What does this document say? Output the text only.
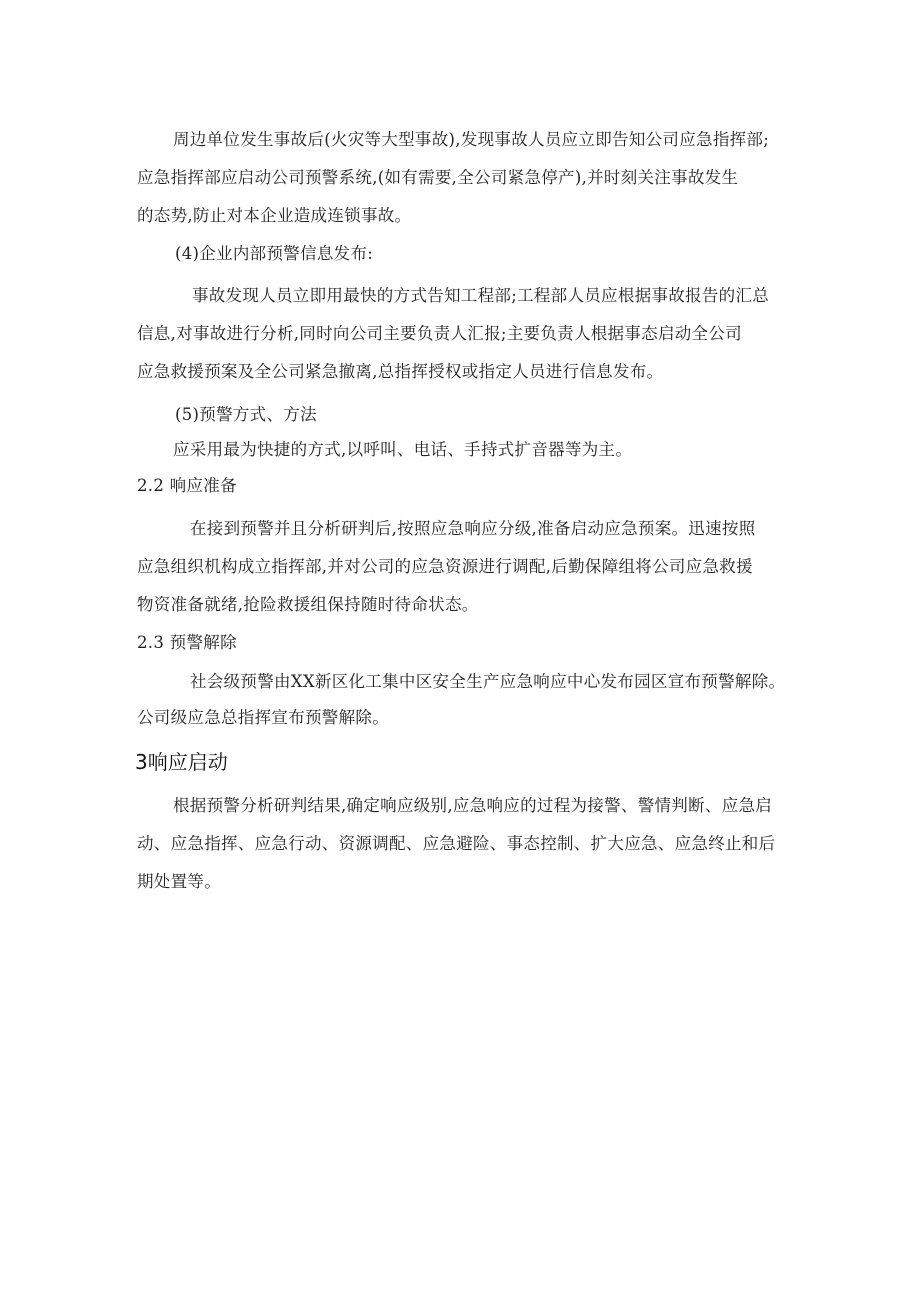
周边单位发生事故后(火灾等大型事故),发现事故人员应立即告知公司应急指挥部;
应急指挥部应启动公司预警系统,(如有需要,全公司紧急停产),并时刻关注事故发生
的态势,防止对本企业造成连锁事故。
(4)企业内部预警信息发布:
事故发现人员立即用最快的方式告知工程部;工程部人员应根据事故报告的汇总
信息,对事故进行分析,同时向公司主要负责人汇报;主要负责人根据事态启动全公司
应急救援预案及全公司紧急撤离,总指挥授权或指定人员进行信息发布。
(5)预警方式、方法
应采用最为快捷的方式,以呼叫、电话、手持式扩音器等为主。
2.2 响应准备
在接到预警并且分析研判后,按照应急响应分级,准备启动应急预案。迅速按照
应急组织机构成立指挥部,并对公司的应急资源进行调配,后勤保障组将公司应急救援
物资准备就绪,抢险救援组保持随时待命状态。
2.3 预警解除
社会级预警由XX新区化工集中区安全生产应急响应中心发布园区宣布预警解除。
公司级应急总指挥宣布预警解除。
3响应启动
根据预警分析研判结果,确定响应级别,应急响应的过程为接警、警情判断、应急启
动、应急指挥、应急行动、资源调配、应急避险、事态控制、扩大应急、应急终止和后
期处置等。
